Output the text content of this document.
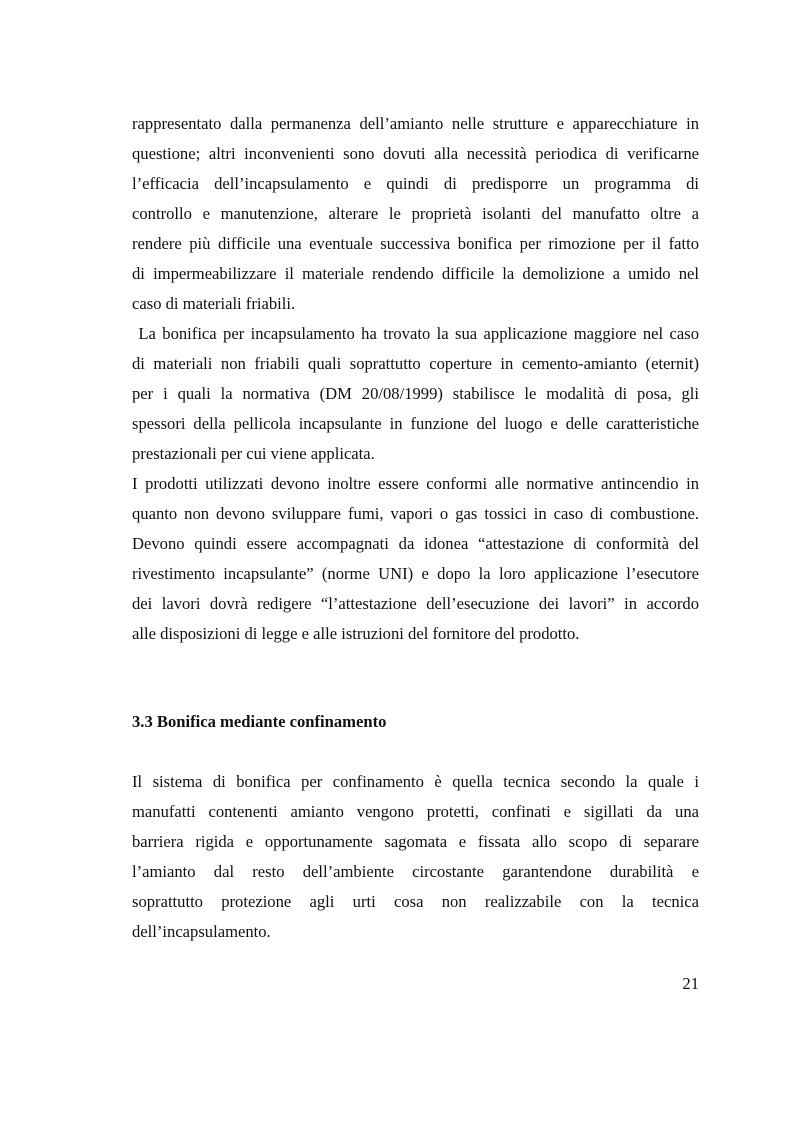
rappresentato dalla permanenza dell’amianto nelle strutture e apparecchiature in
questione; altri inconvenienti sono dovuti alla necessità periodica di verificarne
l’efficacia dell’incapsulamento e quindi di predisporre un programma di
controllo e manutenzione, alterare le proprietà isolanti del manufatto oltre a
rendere più difficile una eventuale successiva bonifica per rimozione per il fatto
di impermeabilizzare il materiale rendendo difficile la demolizione a umido nel
caso di materiali friabili.
La bonifica per incapsulamento ha trovato la sua applicazione maggiore nel caso
di materiali non friabili quali soprattutto coperture in cemento-amianto (eternit)
per i quali la normativa (DM 20/08/1999) stabilisce le modalità di posa, gli
spessori della pellicola incapsulante in funzione del luogo e delle caratteristiche
prestazionali per cui viene applicata.
I prodotti utilizzati devono inoltre essere conformi alle normative antincendio in
quanto non devono sviluppare fumi, vapori o gas tossici in caso di combustione.
Devono quindi essere accompagnati da idonea “attestazione di conformità del
rivestimento incapsulante” (norme UNI) e dopo la loro applicazione l’esecutore
dei lavori dovrà redigere “l’attestazione dell’esecuzione dei lavori” in accordo
alle disposizioni di legge e alle istruzioni del fornitore del prodotto.
3.3 Bonifica mediante confinamento
Il sistema di bonifica per confinamento è quella tecnica secondo la quale i
manufatti contenenti amianto vengono protetti, confinati e sigillati da una
barriera rigida e opportunamente sagomata e fissata allo scopo di separare
l’amianto dal resto dell’ambiente circostante garantendone durabilità e
soprattutto protezione agli urti cosa non realizzabile con la tecnica
dell’incapsulamento.
21
